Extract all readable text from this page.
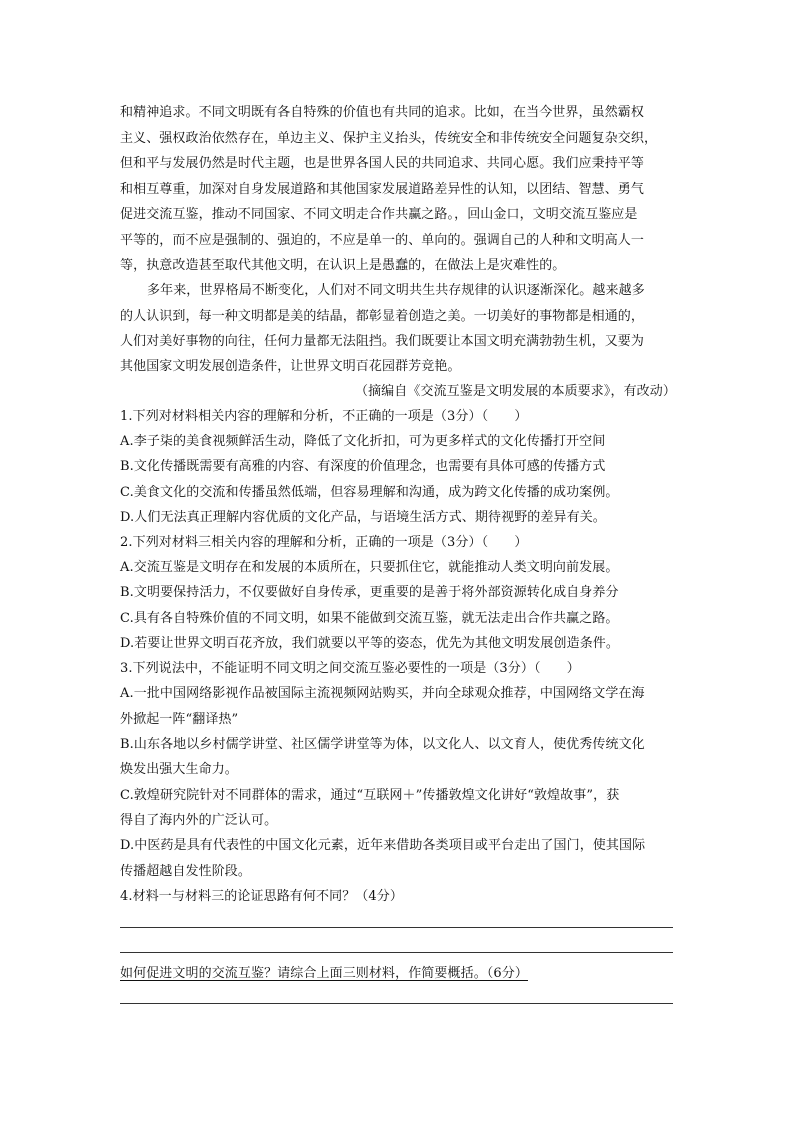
和精神追求。不同文明既有各自特殊的价值也有共同的追求。比如，在当今世界，虽然霸权
主义、强权政治依然存在，单边主义、保护主义抬头，传统安全和非传统安全问题复杂交织，
但和平与发展仍然是时代主题，也是世界各国人民的共同追求、共同心愿。我们应秉持平等
和相互尊重，加深对自身发展道路和其他国家发展道路差异性的认知，以团结、智慧、勇气
促进交流互鉴，推动不同国家、不同文明走合作共赢之路。，回山金口，文明交流互鉴应是
平等的，而不应是强制的、强迫的，不应是单一的、单向的。强调自己的人种和文明高人一
等，执意改造甚至取代其他文明，在认识上是愚蠢的，在做法上是灾难性的。
多年来，世界格局不断变化，人们对不同文明共生共存规律的认识逐渐深化。越来越多
的人认识到，每一种文明都是美的结晶，都彰显着创造之美。一切美好的事物都是相通的，
人们对美好事物的向往，任何力量都无法阻挡。我们既要让本国文明充满勃勃生机，又要为
其他国家文明发展创造条件，让世界文明百花园群芳竞艳。
（摘编自《交流互鉴是文明发展的本质要求》，有改动）
1.下列对材料相关内容的理解和分析，不正确的一项是（3分）（　　）
A.李子柒的美食视频鲜活生动，降低了文化折扣，可为更多样式的文化传播打开空间
B.文化传播既需要有高雅的内容、有深度的价值理念，也需要有具体可感的传播方式
C.美食文化的交流和传播虽然低端，但容易理解和沟通，成为跨文化传播的成功案例。
D.人们无法真正理解内容优质的文化产品，与语境生活方式、期待视野的差异有关。
2.下列对材料三相关内容的理解和分析，正确的一项是（3分）（　　）
A.交流互鉴是文明存在和发展的本质所在，只要抓住它，就能推动人类文明向前发展。
B.文明要保持活力，不仅要做好自身传承，更重要的是善于将外部资源转化成自身养分
C.具有各自特殊价值的不同文明，如果不能做到交流互鉴，就无法走出合作共赢之路。
D.若要让世界文明百花齐放，我们就要以平等的姿态，优先为其他文明发展创造条件。
3.下列说法中，不能证明不同文明之间交流互鉴必要性的一项是（3分）（　　）
A.一批中国网络影视作品被国际主流视频网站购买，并向全球观众推荐，中国网络文学在海
外掀起一阵“翻译热”
B.山东各地以乡村儒学讲堂、社区儒学讲堂等为体，以文化人、以文育人，使优秀传统文化
焕发出强大生命力。
C.敦煌研究院针对不同群体的需求，通过“互联网＋”传播敦煌文化讲好“敦煌故事”，获
得自了海内外的广泛认可。
D.中医药是具有代表性的中国文化元素，近年来借助各类项目或平台走出了国门，使其国际
传播超越自发性阶段。
4.材料一与材料三的论证思路有何不同？（4分）
如何促进文明的交流互鉴？请综合上面三则材料，作简要概括。（6分）
